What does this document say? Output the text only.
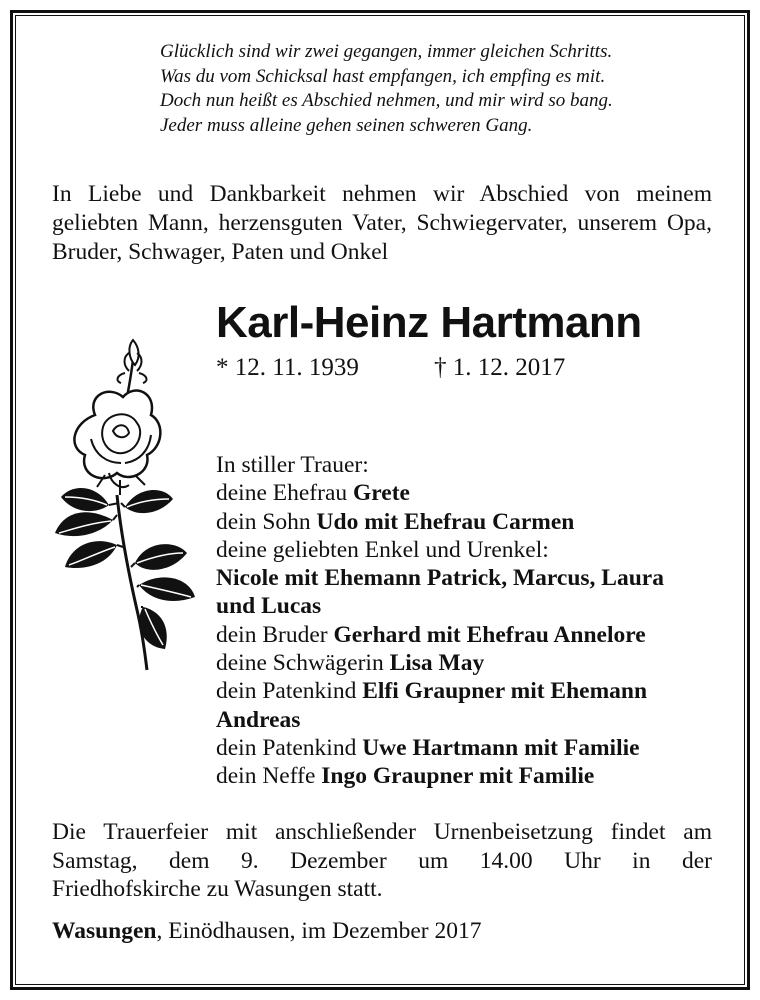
Glücklich sind wir zwei gegangen, immer gleichen Schritts.
Was du vom Schicksal hast empfangen, ich empfing es mit.
Doch nun heißt es Abschied nehmen, und mir wird so bang.
Jeder muss alleine gehen seinen schweren Gang.
In Liebe und Dankbarkeit nehmen wir Abschied von meinem geliebten Mann, herzensguten Vater, Schwiegervater, unserem Opa, Bruder, Schwager, Paten und Onkel
Karl-Heinz Hartmann
* 12. 11. 1939	† 1. 12. 2017
In stiller Trauer:
deine Ehefrau Grete
dein Sohn Udo mit Ehefrau Carmen
deine geliebten Enkel und Urenkel:
Nicole mit Ehemann Patrick, Marcus, Laura
und Lucas
dein Bruder Gerhard mit Ehefrau Annelore
deine Schwägerin Lisa May
dein Patenkind Elfi Graupner mit Ehemann
Andreas
dein Patenkind Uwe Hartmann mit Familie
dein Neffe Ingo Graupner mit Familie
Die Trauerfeier mit anschließender Urnenbeisetzung findet am
Samstag, dem 9. Dezember um 14.00 Uhr in der
Friedhofskirche zu Wasungen statt.
Wasungen, Einödhausen, im Dezember 2017
